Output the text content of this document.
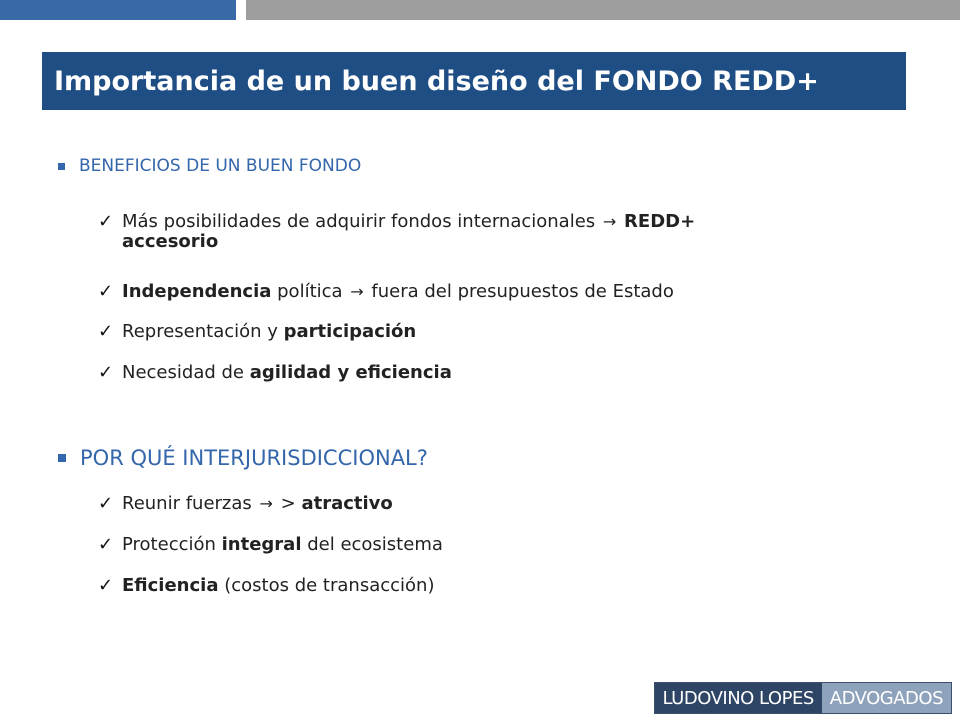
Importancia de un buen diseño del FONDO REDD+
BENEFICIOS DE UN BUEN FONDO
✓ Más posibilidades de adquirir fondos internacionales → REDD+
accesorio
✓ Independencia política → fuera del presupuestos de Estado
✓ Representación y participación
✓ Necesidad de agilidad y eficiencia
POR QUÉ INTERJURISDICCIONAL?
✓ Reunir fuerzas → > atractivo
✓ Protección integral del ecosistema
✓ Eficiencia (costos de transacción)
LUDOVINO LOPES ADVOGADOS
